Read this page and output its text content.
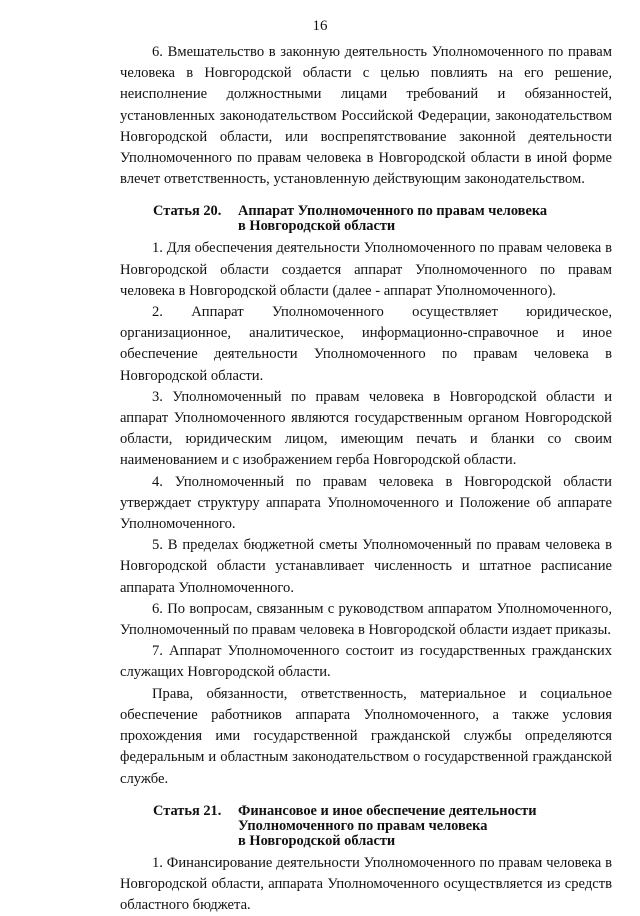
16

6. Вмешательство в законную деятельность Уполномоченного по правам человека в Новгородской области с целью повлиять на его решение, неисполнение должностными лицами требований и обязанностей, установленных законодательством Российской Федерации, законодательством Новгородской области, или воспрепятствование законной деятельности Уполномоченного по правам человека в Новгородской области в иной форме влечет ответственность, установленную действующим законодательством.

Статья 20.	Аппарат Уполномоченного по правам человека
в Новгородской области

1. Для обеспечения деятельности Уполномоченного по правам человека в Новгородской области создается аппарат Уполномоченного по правам человека в Новгородской области (далее - аппарат Уполномоченного).

2. Аппарат Уполномоченного осуществляет юридическое, организационное, аналитическое, информационно-справочное и иное обеспечение деятельности Уполномоченного по правам человека в Новгородской области.

3. Уполномоченный по правам человека в Новгородской области и аппарат Уполномоченного являются государственным органом Новгородской области, юридическим лицом, имеющим печать и бланки со своим наименованием и с изображением герба Новгородской области.

4. Уполномоченный по правам человека в Новгородской области утверждает структуру аппарата Уполномоченного и Положение об аппарате Уполномоченного.

5. В пределах бюджетной сметы Уполномоченный по правам человека в Новгородской области устанавливает численность и штатное расписание аппарата Уполномоченного.

6. По вопросам, связанным с руководством аппаратом Уполномоченного, Уполномоченный по правам человека в Новгородской области издает приказы.

7. Аппарат Уполномоченного состоит из государственных гражданских служащих Новгородской области.

Права, обязанности, ответственность, материальное и социальное обеспечение работников аппарата Уполномоченного, а также условия прохождения ими государственной гражданской службы определяются федеральным и областным законодательством о государственной гражданской службе.

Статья 21.	Финансовое и иное обеспечение деятельности
Уполномоченного по правам человека
в Новгородской области

1. Финансирование деятельности Уполномоченного по правам человека в Новгородской области, аппарата Уполномоченного осуществляется из средств областного бюджета.
